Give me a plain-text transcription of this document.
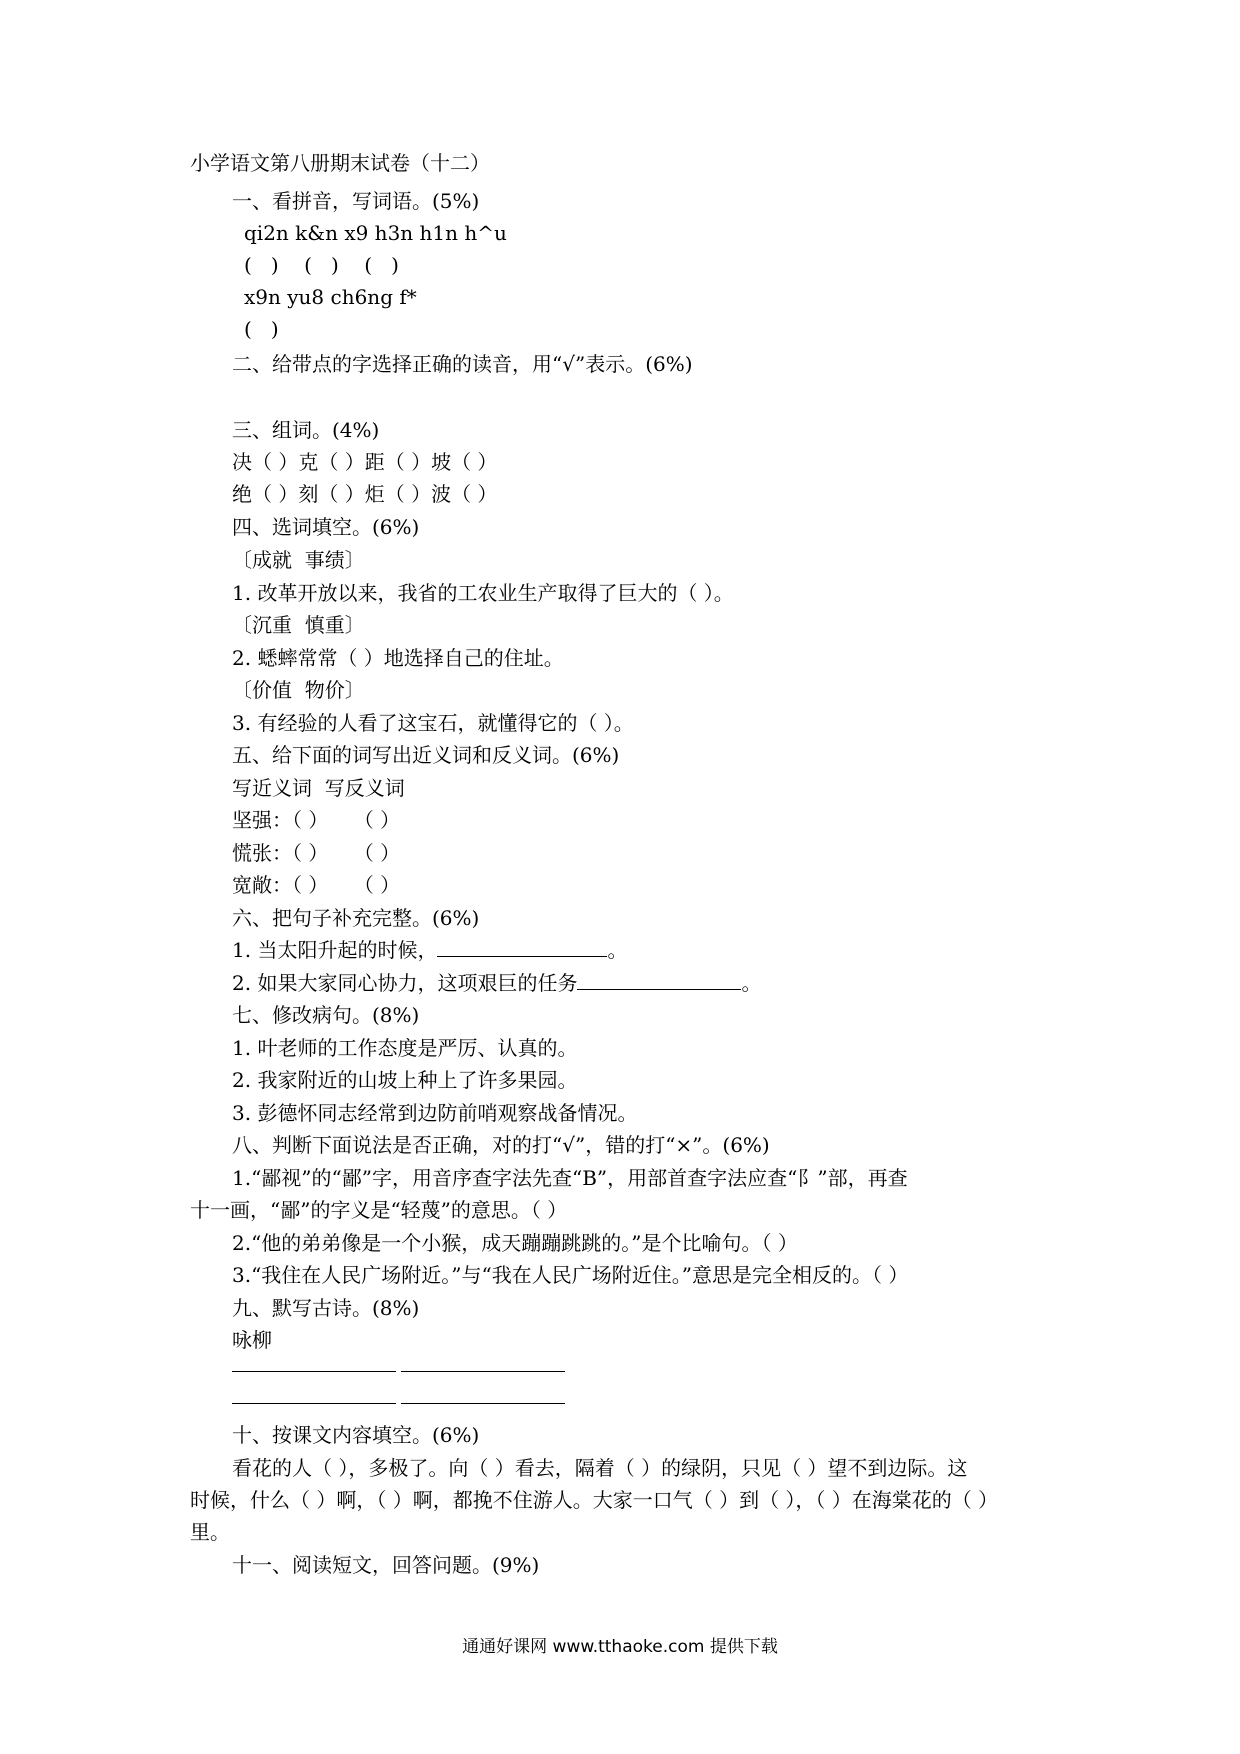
小学语文第八册期末试卷（十二）
一、看拼音，写词语。(5%)
qi2n k&n x9 h3n h1n h^u
(   )    (   )    (   )
x9n yu8 ch6ng f*
(   )
二、给带点的字选择正确的读音，用“√”表示。(6%)
三、组词。(4%)
决（ ）克（ ）距（ ）坡（ ）
绝（ ）刻（ ）炬（ ）波（ ）
四、选词填空。(6%)
〔成就  事绩〕
1. 改革开放以来，我省的工农业生产取得了巨大的（ ）。
〔沉重  慎重〕
2. 蟋蟀常常（ ）地选择自己的住址。
〔价值  物价〕
3. 有经验的人看了这宝石，就懂得它的（ ）。
五、给下面的词写出近义词和反义词。(6%)
写近义词  写反义词
坚强：（ ）    （ ）
慌张：（ ）    （ ）
宽敞：（ ）    （ ）
六、把句子补充完整。(6%)
1. 当太阳升起的时候，	。
2. 如果大家同心协力，这项艰巨的任务	。
七、修改病句。(8%)
1. 叶老师的工作态度是严厉、认真的。
2. 我家附近的山坡上种上了许多果园。
3. 彭德怀同志经常到边防前哨观察战备情况。
八、判断下面说法是否正确，对的打“√”，错的打“×”。(6%)
1.“鄙视”的“鄙”字，用音序查字法先查“B”，用部首查字法应查“阝”部，再查
十一画，“鄙”的字义是“轻蔑”的意思。（ ）
2.“他的弟弟像是一个小猴，成天蹦蹦跳跳的。”是个比喻句。（ ）
3.“我住在人民广场附近。”与“我在人民广场附近住。”意思是完全相反的。（ ）
九、默写古诗。(8%)
咏柳
十、按课文内容填空。(6%)
看花的人（ ），多极了。向（ ）看去，隔着（ ）的绿阴，只见（ ）望不到边际。这
时候，什么（ ）啊，（ ）啊，都挽不住游人。大家一口气（ ）到（ ），（ ）在海棠花的（ ）
里。
十一、阅读短文，回答问题。(9%)
通通好课网 www.tthaoke.com 提供下载
